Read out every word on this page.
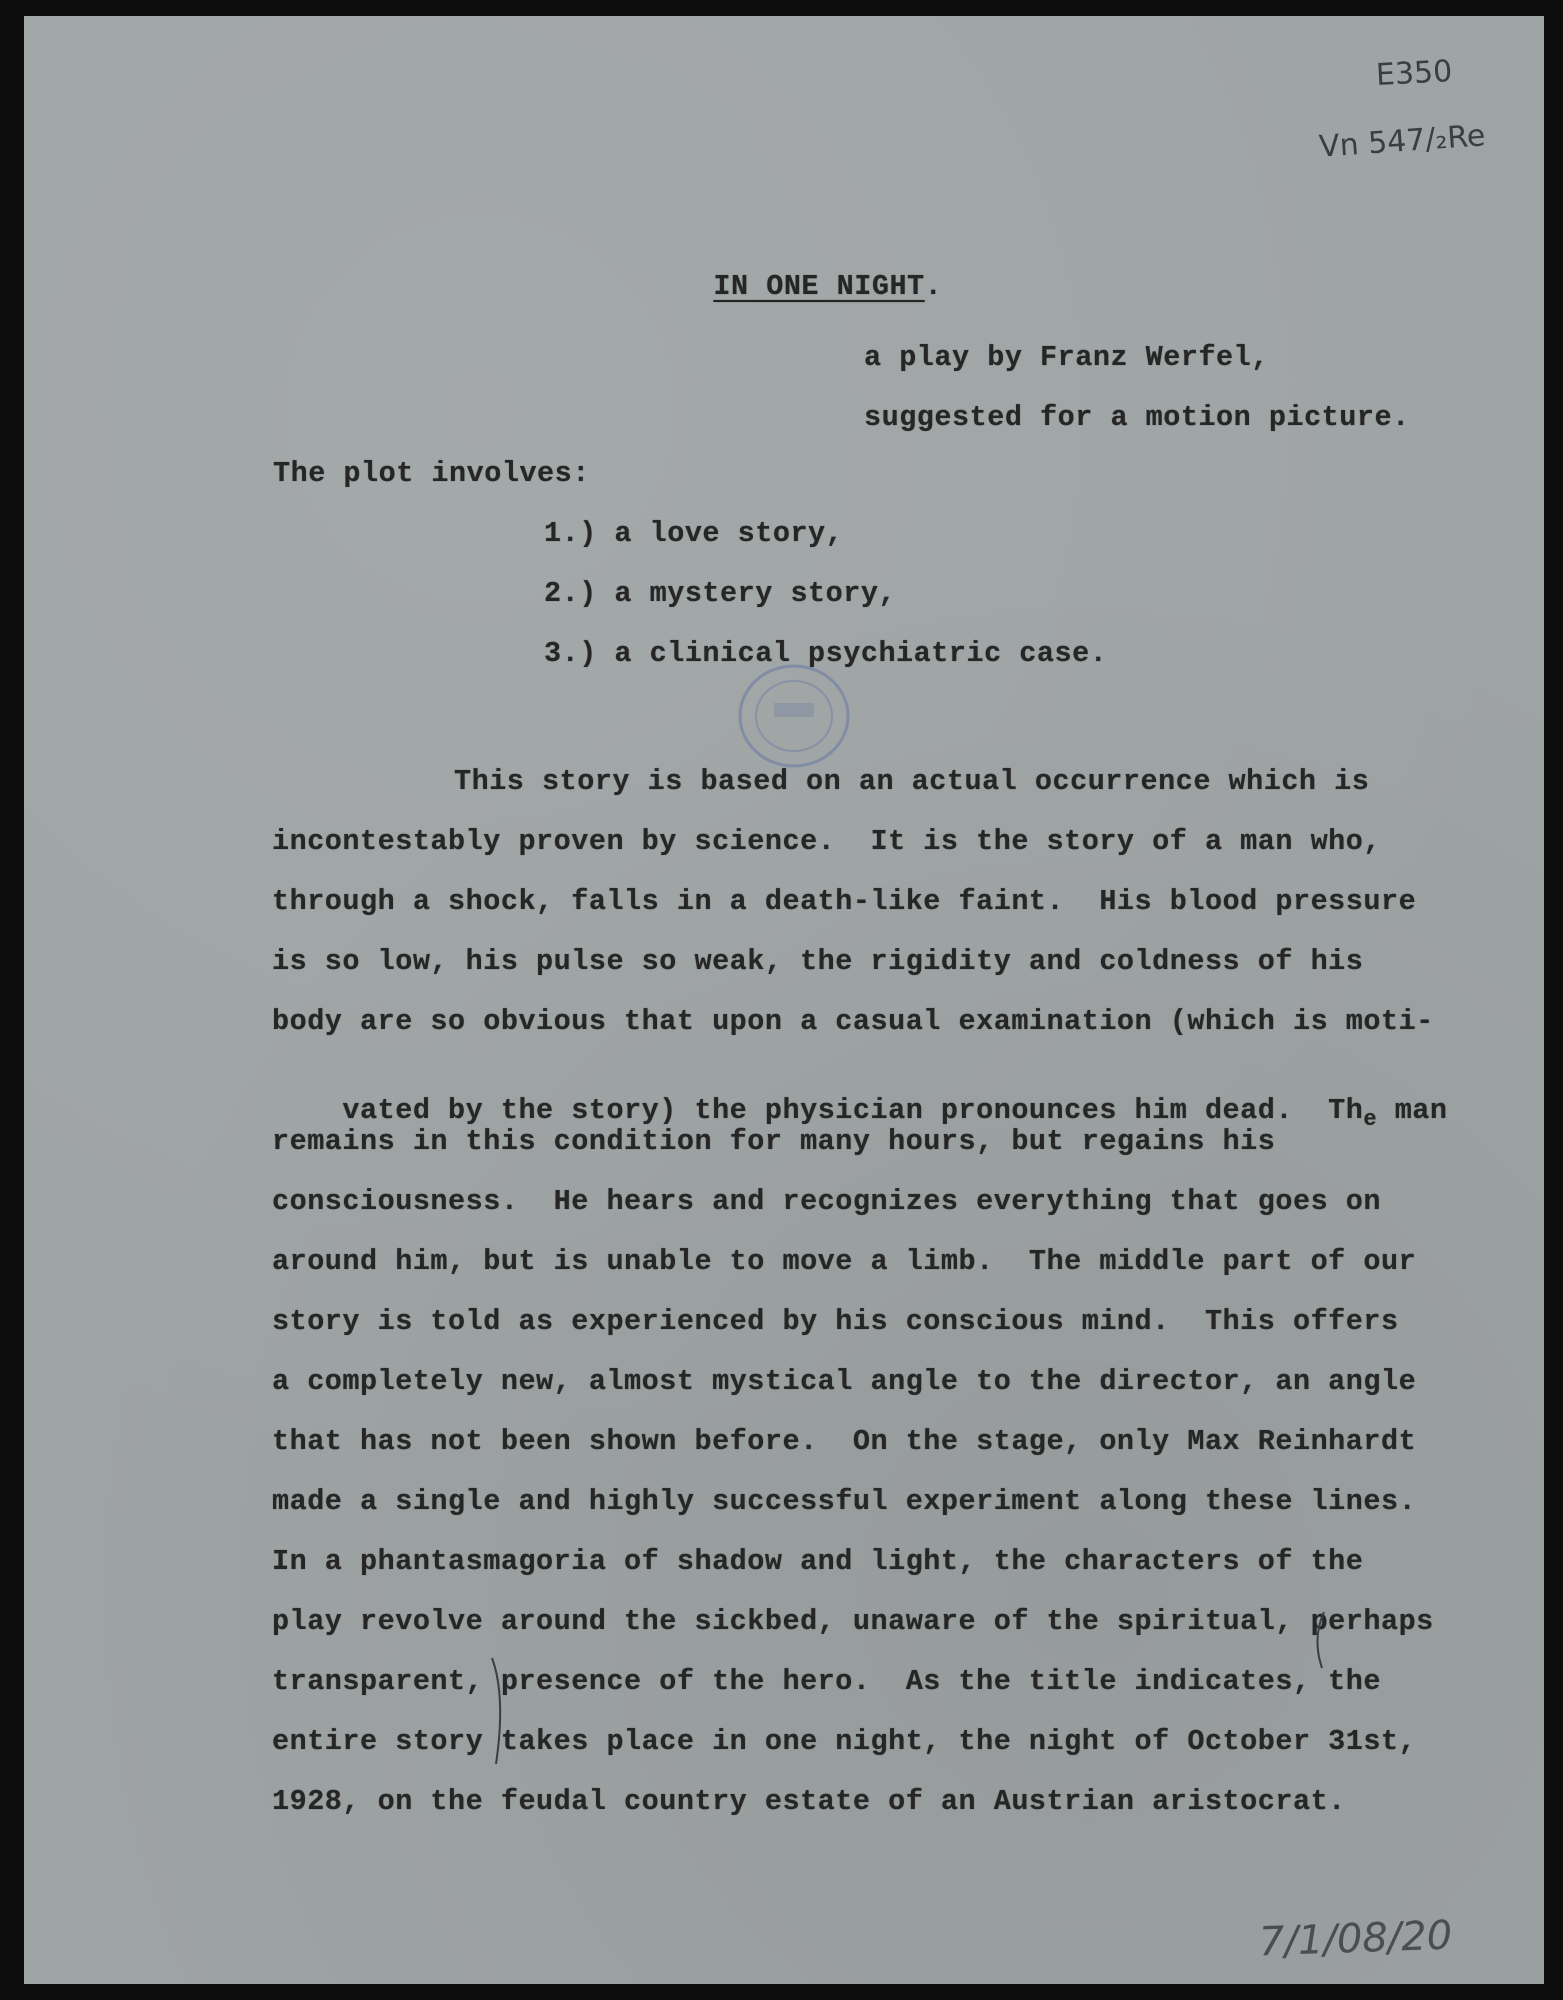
E350
Vn 547/₂Re

IN ONE NIGHT.

a play by Franz Werfel,
suggested for a motion picture.
The plot involves:
1.) a love story,
2.) a mystery story,
3.) a clinical psychiatric case.
This story is based on an actual occurrence which is
incontestably proven by science.  It is the story of a man who,
through a shock, falls in a death-like faint.  His blood pressure
is so low, his pulse so weak, the rigidity and coldness of his
body are so obvious that upon a casual examination (which is moti-

vated by the story) the physician pronounces him dead.  $Th_e$ man

remains in this condition for many hours, but regains his
consciousness.  He hears and recognizes everything that goes on
around him, but is unable to move a limb.  The middle part of our
story is told as experienced by his conscious mind.  This offers
a completely new, almost mystical angle to the director, an angle
that has not been shown before.  On the stage, only Max Reinhardt
made a single and highly successful experiment along these lines.
In a phantasmagoria of shadow and light, the characters of the
play revolve around the sickbed, unaware of the spiritual, perhaps
transparent, presence of the hero.  As the title indicates, the
entire story takes place in one night, the night of October 31st,
1928, on the feudal country estate of an Austrian aristocrat.
7/1/08/20
